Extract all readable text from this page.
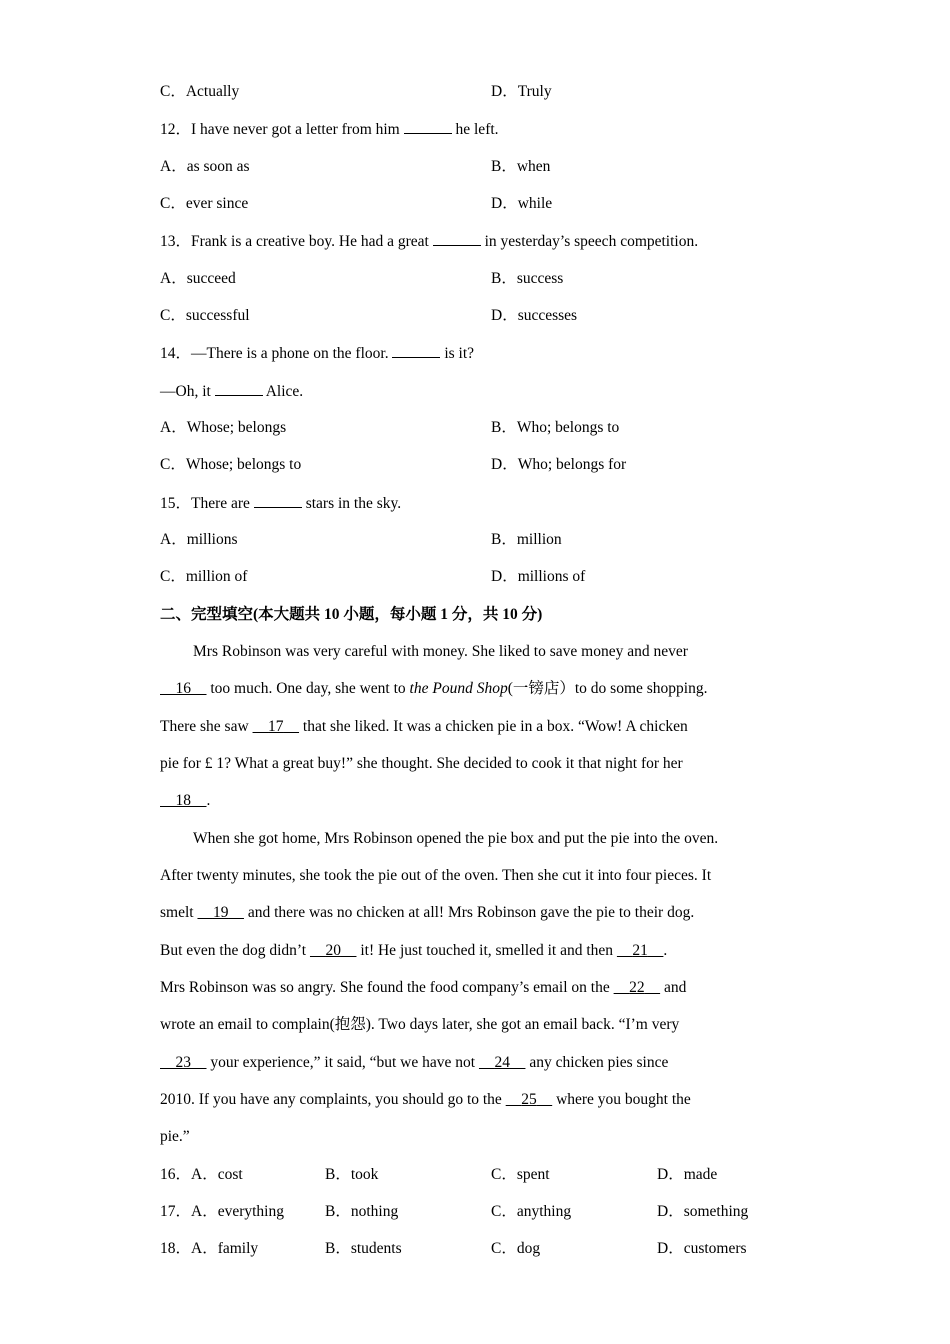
C．Actually	D．Truly
12．I have never got a letter from him	he left.
A．as soon as	B．when
C．ever since	D．while
13．Frank is a creative boy. He had a great	in yesterday’s speech competition.
A．succeed	B．success
C．successful	D．successes
14．—There is a phone on the floor.	is it?
—Oh, it	Alice.
A．Whose; belongs	B．Who; belongs to
C．Whose; belongs to	D．Who; belongs for
15．There are	stars in the sky.
A．millions	B．million
C．million of	D．millions of
二、完型填空(本大题共 10 小题，每小题 1 分，共 10 分)
Mrs Robinson was very careful with money. She liked to save money and never
16 too much. One day, she went to the Pound Shop(一镑店）to do some shopping.
There she saw 17 that she liked. It was a chicken pie in a box. “Wow! A chicken
pie for £ 1? What a great buy!” she thought. She decided to cook it that night for her
18 .
When she got home, Mrs Robinson opened the pie box and put the pie into the oven.
After twenty minutes, she took the pie out of the oven. Then she cut it into four pieces. It
smelt 19 and there was no chicken at all! Mrs Robinson gave the pie to their dog.
But even the dog didn’t 20 it! He just touched it, smelled it and then 21 .
Mrs Robinson was so angry. She found the food company’s email on the 22 and
wrote an email to complain(抱怨). Two days later, she got an email back. “I’m very
23 your experience,” it said, “but we have not 24 any chicken pies since
2010. If you have any complaints, you should go to the 25 where you bought the
pie.”
16．A．cost	B．took	C．spent	D．made
17．A．everything	B．nothing	C．anything	D．something
18．A．family	B．students	C．dog	D．customers
